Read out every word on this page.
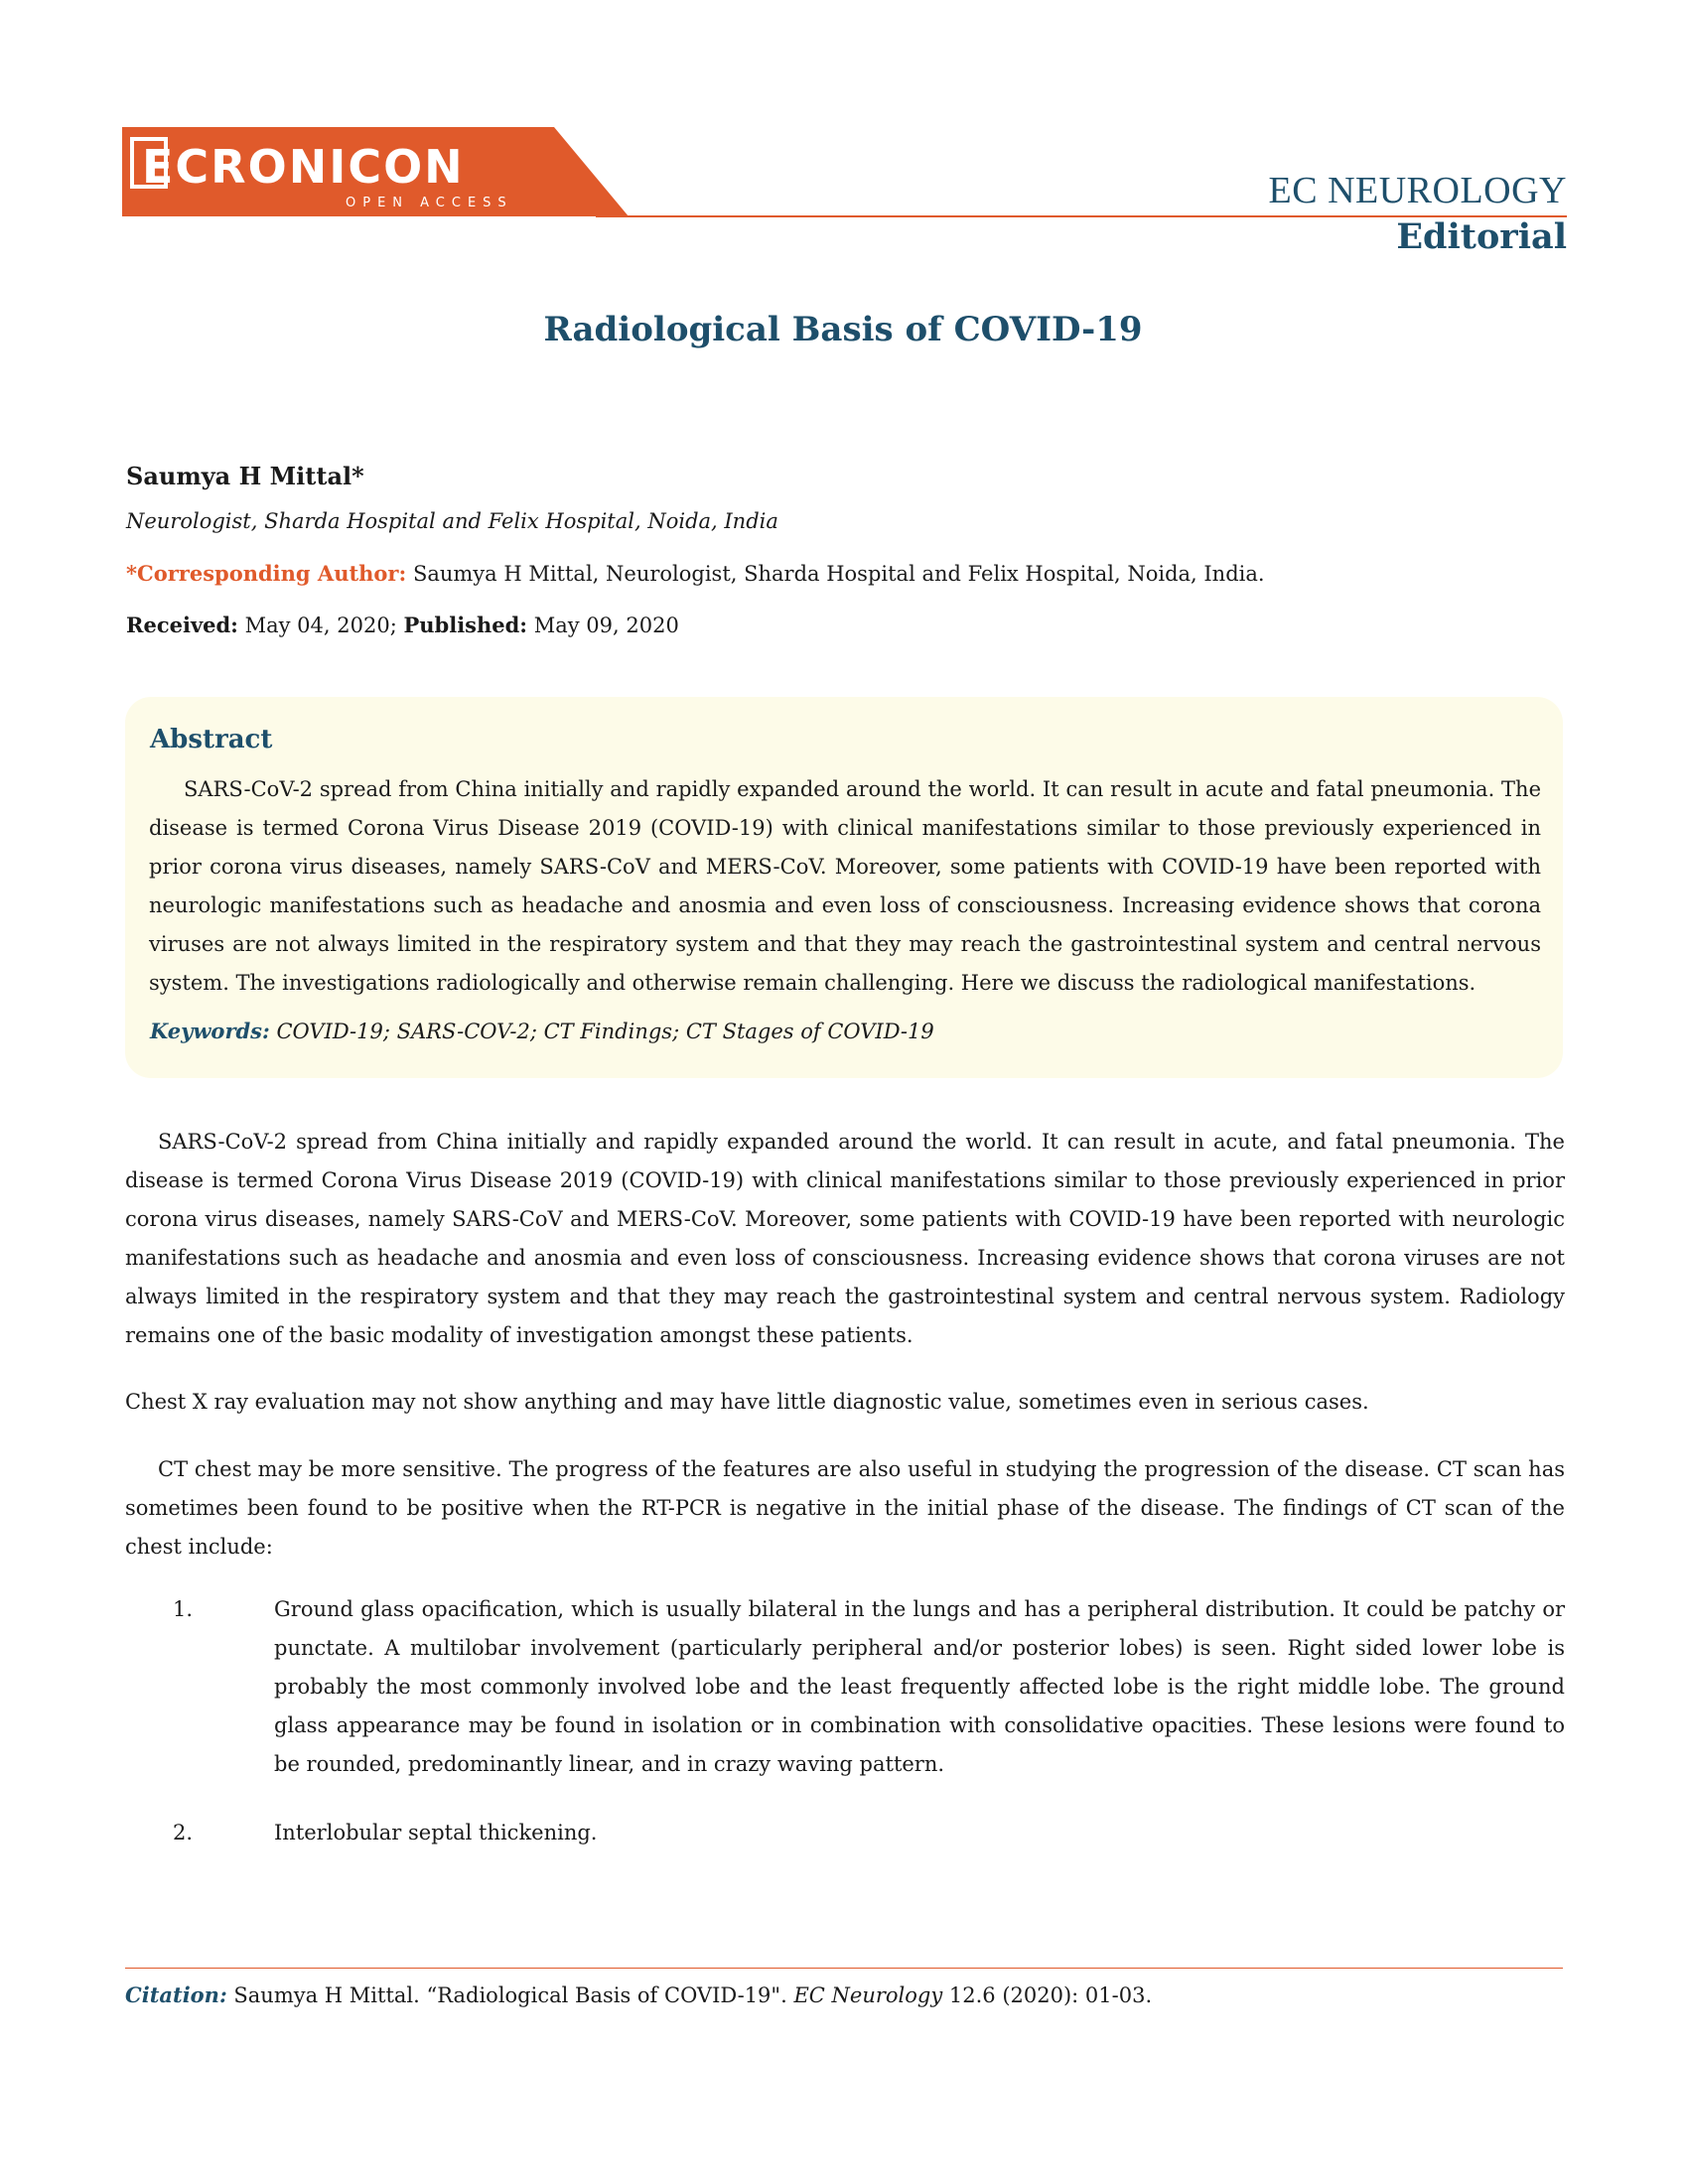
ECRONICON
OPEN ACCESS	EC NEUROLOGY
Editorial
Radiological Basis of COVID-19
Saumya H Mittal*
Neurologist, Sharda Hospital and Felix Hospital, Noida, India
*Corresponding Author: Saumya H Mittal, Neurologist, Sharda Hospital and Felix Hospital, Noida, India.
Received: May 04, 2020; Published: May 09, 2020
Abstract

SARS-CoV-2 spread from China initially and rapidly expanded around the world. It can result in acute and fatal pneumonia. The disease is termed Corona Virus Disease 2019 (COVID-19) with clinical manifestations similar to those previously experienced in prior corona virus diseases, namely SARS-CoV and MERS-CoV. Moreover, some patients with COVID-19 have been reported with neurologic manifestations such as headache and anosmia and even loss of consciousness. Increasing evidence shows that corona viruses are not always limited in the respiratory system and that they may reach the gastrointestinal system and central nervous system. The investigations radiologically and otherwise remain challenging. Here we discuss the radiological manifestations.

Keywords: COVID-19; SARS-COV-2; CT Findings; CT Stages of COVID-19

SARS-CoV-2 spread from China initially and rapidly expanded around the world. It can result in acute, and fatal pneumonia. The disease is termed Corona Virus Disease 2019 (COVID-19) with clinical manifestations similar to those previously experienced in prior corona virus diseases, namely SARS-CoV and MERS-CoV. Moreover, some patients with COVID-19 have been reported with neurologic manifestations such as headache and anosmia and even loss of consciousness. Increasing evidence shows that corona viruses are not always limited in the respiratory system and that they may reach the gastrointestinal system and central nervous system. Radiology remains one of the basic modality of investigation amongst these patients.

Chest X ray evaluation may not show anything and may have little diagnostic value, sometimes even in serious cases.

CT chest may be more sensitive. The progress of the features are also useful in studying the progression of the disease. CT scan has sometimes been found to be positive when the RT-PCR is negative in the initial phase of the disease. The findings of CT scan of the chest include:

1.	Ground glass opacification, which is usually bilateral in the lungs and has a peripheral distribution. It could be patchy or punctate. A multilobar involvement (particularly peripheral and/or posterior lobes) is seen. Right sided lower lobe is probably the most commonly involved lobe and the least frequently affected lobe is the right middle lobe. The ground glass appearance may be found in isolation or in combination with consolidative opacities. These lesions were found to be rounded, predominantly linear, and in crazy waving pattern.

2.	Interlobular septal thickening.

Citation: Saumya H Mittal. “Radiological Basis of COVID-19". EC Neurology 12.6 (2020): 01-03.
